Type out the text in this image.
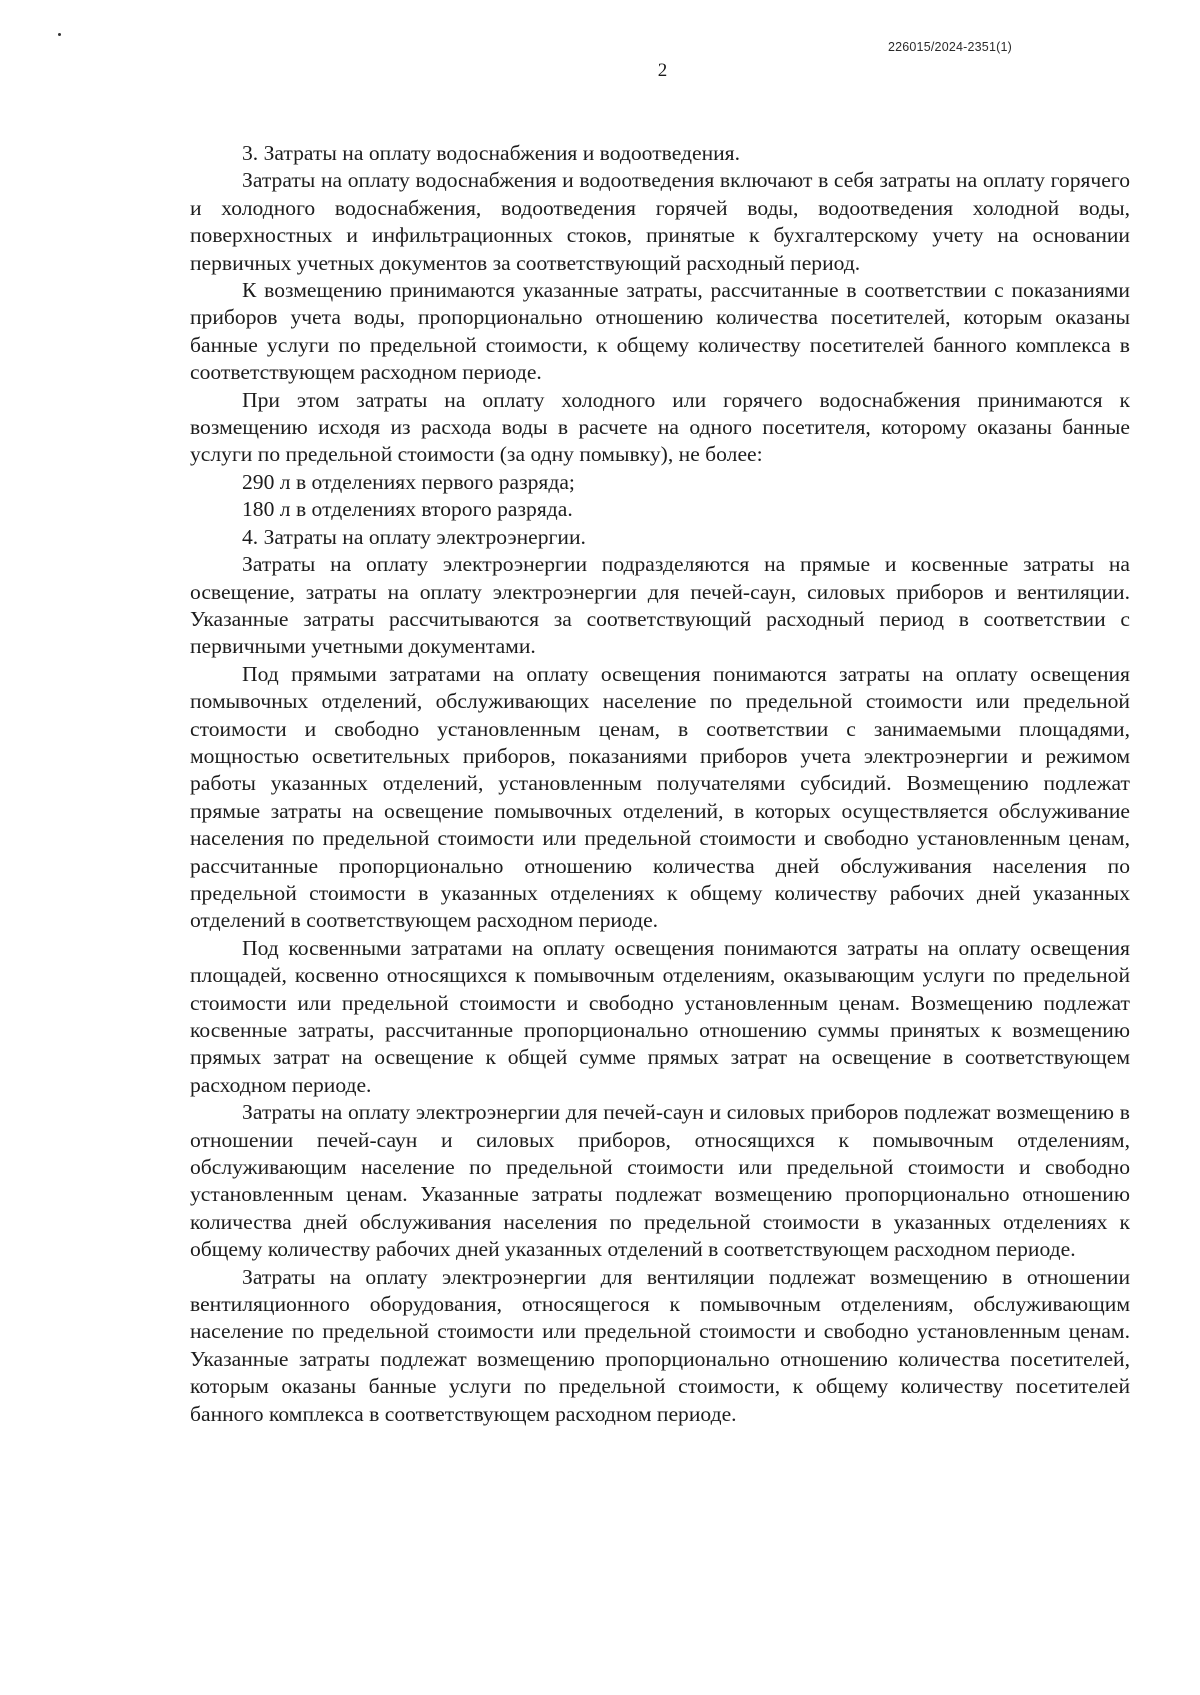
226015/2024-2351(1)
2

3. Затраты на оплату водоснабжения и водоотведения.

Затраты на оплату водоснабжения и водоотведения включают в себя затраты на оплату горячего и холодного водоснабжения, водоотведения горячей воды, водоотведения холодной воды, поверхностных и инфильтрационных стоков, принятые к бухгалтерскому учету на основании первичных учетных документов за соответствующий расходный период.

К возмещению принимаются указанные затраты, рассчитанные в соответствии с показаниями приборов учета воды, пропорционально отношению количества посетителей, которым оказаны банные услуги по предельной стоимости, к общему количеству посетителей банного комплекса в соответствующем расходном периоде.

При этом затраты на оплату холодного или горячего водоснабжения принимаются к возмещению исходя из расхода воды в расчете на одного посетителя, которому оказаны банные услуги по предельной стоимости (за одну помывку), не более:

290 л в отделениях первого разряда;

180 л в отделениях второго разряда.

4. Затраты на оплату электроэнергии.

Затраты на оплату электроэнергии подразделяются на прямые и косвенные затраты на освещение, затраты на оплату электроэнергии для печей-саун, силовых приборов и вентиляции. Указанные затраты рассчитываются за соответствующий расходный период в соответствии с первичными учетными документами.

Под прямыми затратами на оплату освещения понимаются затраты на оплату освещения помывочных отделений, обслуживающих население по предельной стоимости или предельной стоимости и свободно установленным ценам, в соответствии с занимаемыми площадями, мощностью осветительных приборов, показаниями приборов учета электроэнергии и режимом работы указанных отделений, установленным получателями субсидий. Возмещению подлежат прямые затраты на освещение помывочных отделений, в которых осуществляется обслуживание населения по предельной стоимости или предельной стоимости и свободно установленным ценам, рассчитанные пропорционально отношению количества дней обслуживания населения по предельной стоимости в указанных отделениях к общему количеству рабочих дней указанных отделений в соответствующем расходном периоде.

Под косвенными затратами на оплату освещения понимаются затраты на оплату освещения площадей, косвенно относящихся к помывочным отделениям, оказывающим услуги по предельной стоимости или предельной стоимости и свободно установленным ценам. Возмещению подлежат косвенные затраты, рассчитанные пропорционально отношению суммы принятых к возмещению прямых затрат на освещение к общей сумме прямых затрат на освещение в соответствующем расходном периоде.

Затраты на оплату электроэнергии для печей-саун и силовых приборов подлежат возмещению в отношении печей-саун и силовых приборов, относящихся к помывочным отделениям, обслуживающим население по предельной стоимости или предельной стоимости и свободно установленным ценам. Указанные затраты подлежат возмещению пропорционально отношению количества дней обслуживания населения по предельной стоимости в указанных отделениях к общему количеству рабочих дней указанных отделений в соответствующем расходном периоде.

Затраты на оплату электроэнергии для вентиляции подлежат возмещению в отношении вентиляционного оборудования, относящегося к помывочным отделениям, обслуживающим население по предельной стоимости или предельной стоимости и свободно установленным ценам. Указанные затраты подлежат возмещению пропорционально отношению количества посетителей, которым оказаны банные услуги по предельной стоимости, к общему количеству посетителей банного комплекса в соответствующем расходном периоде.
